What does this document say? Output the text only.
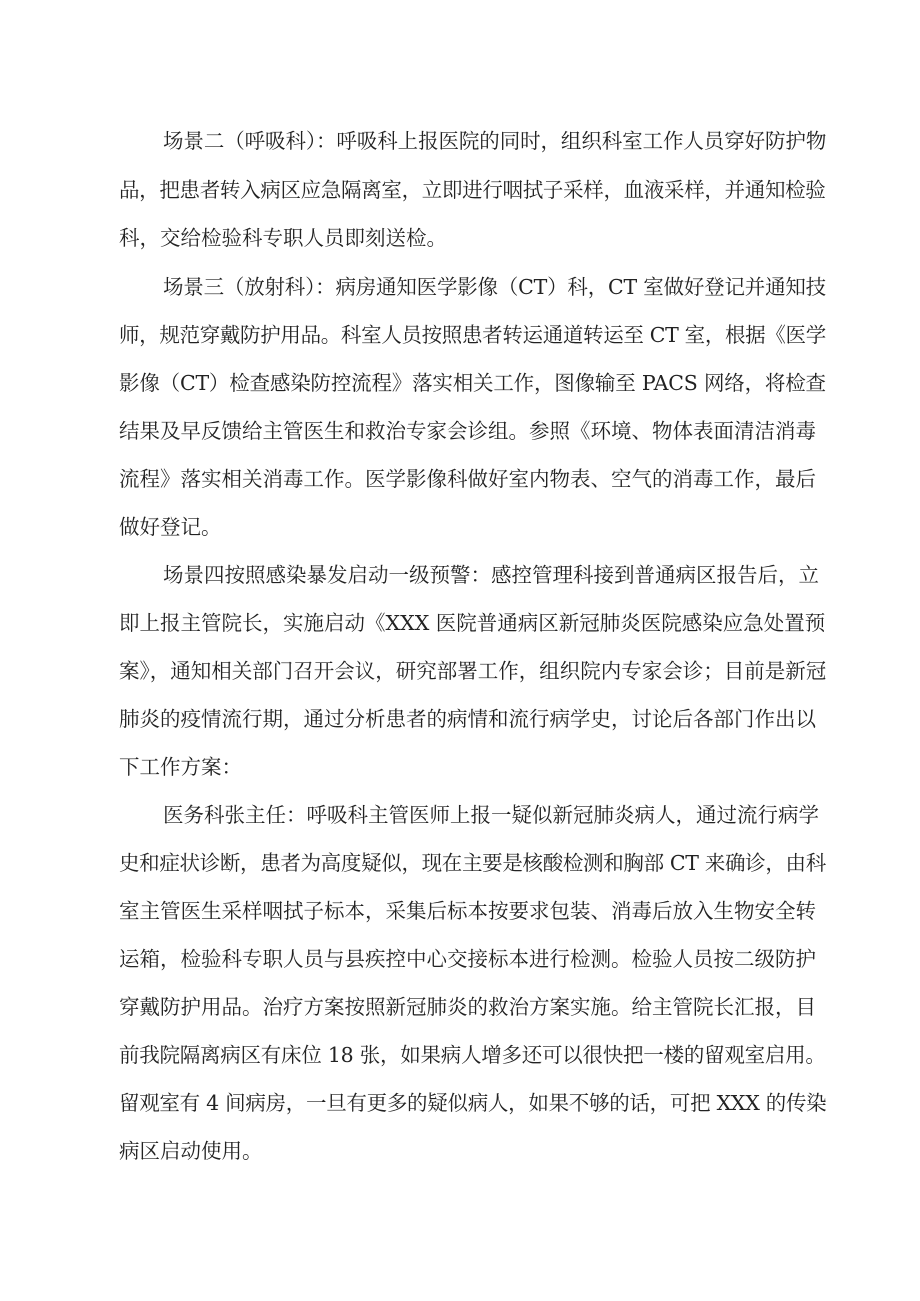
场景二（呼吸科）：呼吸科上报医院的同时，组织科室工作人员穿好防护物
品，把患者转入病区应急隔离室，立即进行咽拭子采样，血液采样，并通知检验
科，交给检验科专职人员即刻送检。
场景三（放射科）：病房通知医学影像（CT）科，CT 室做好登记并通知技
师，规范穿戴防护用品。科室人员按照患者转运通道转运至 CT 室，根据《医学
影像（CT）检查感染防控流程》落实相关工作，图像输至 PACS 网络，将检查
结果及早反馈给主管医生和救治专家会诊组。参照《环境、物体表面清洁消毒
流程》落实相关消毒工作。医学影像科做好室内物表、空气的消毒工作，最后
做好登记。
场景四按照感染暴发启动一级预警：感控管理科接到普通病区报告后，立
即上报主管院长，实施启动《XXX 医院普通病区新冠肺炎医院感染应急处置预
案》，通知相关部门召开会议，研究部署工作，组织院内专家会诊；目前是新冠
肺炎的疫情流行期，通过分析患者的病情和流行病学史，讨论后各部门作出以
下工作方案：
医务科张主任：呼吸科主管医师上报一疑似新冠肺炎病人，通过流行病学
史和症状诊断，患者为高度疑似，现在主要是核酸检测和胸部 CT 来确诊，由科
室主管医生采样咽拭子标本，采集后标本按要求包装、消毒后放入生物安全转
运箱，检验科专职人员与县疾控中心交接标本进行检测。检验人员按二级防护
穿戴防护用品。治疗方案按照新冠肺炎的救治方案实施。给主管院长汇报，目
前我院隔离病区有床位 18 张，如果病人增多还可以很快把一楼的留观室启用。
留观室有 4 间病房，一旦有更多的疑似病人，如果不够的话，可把 XXX 的传染
病区启动使用。
